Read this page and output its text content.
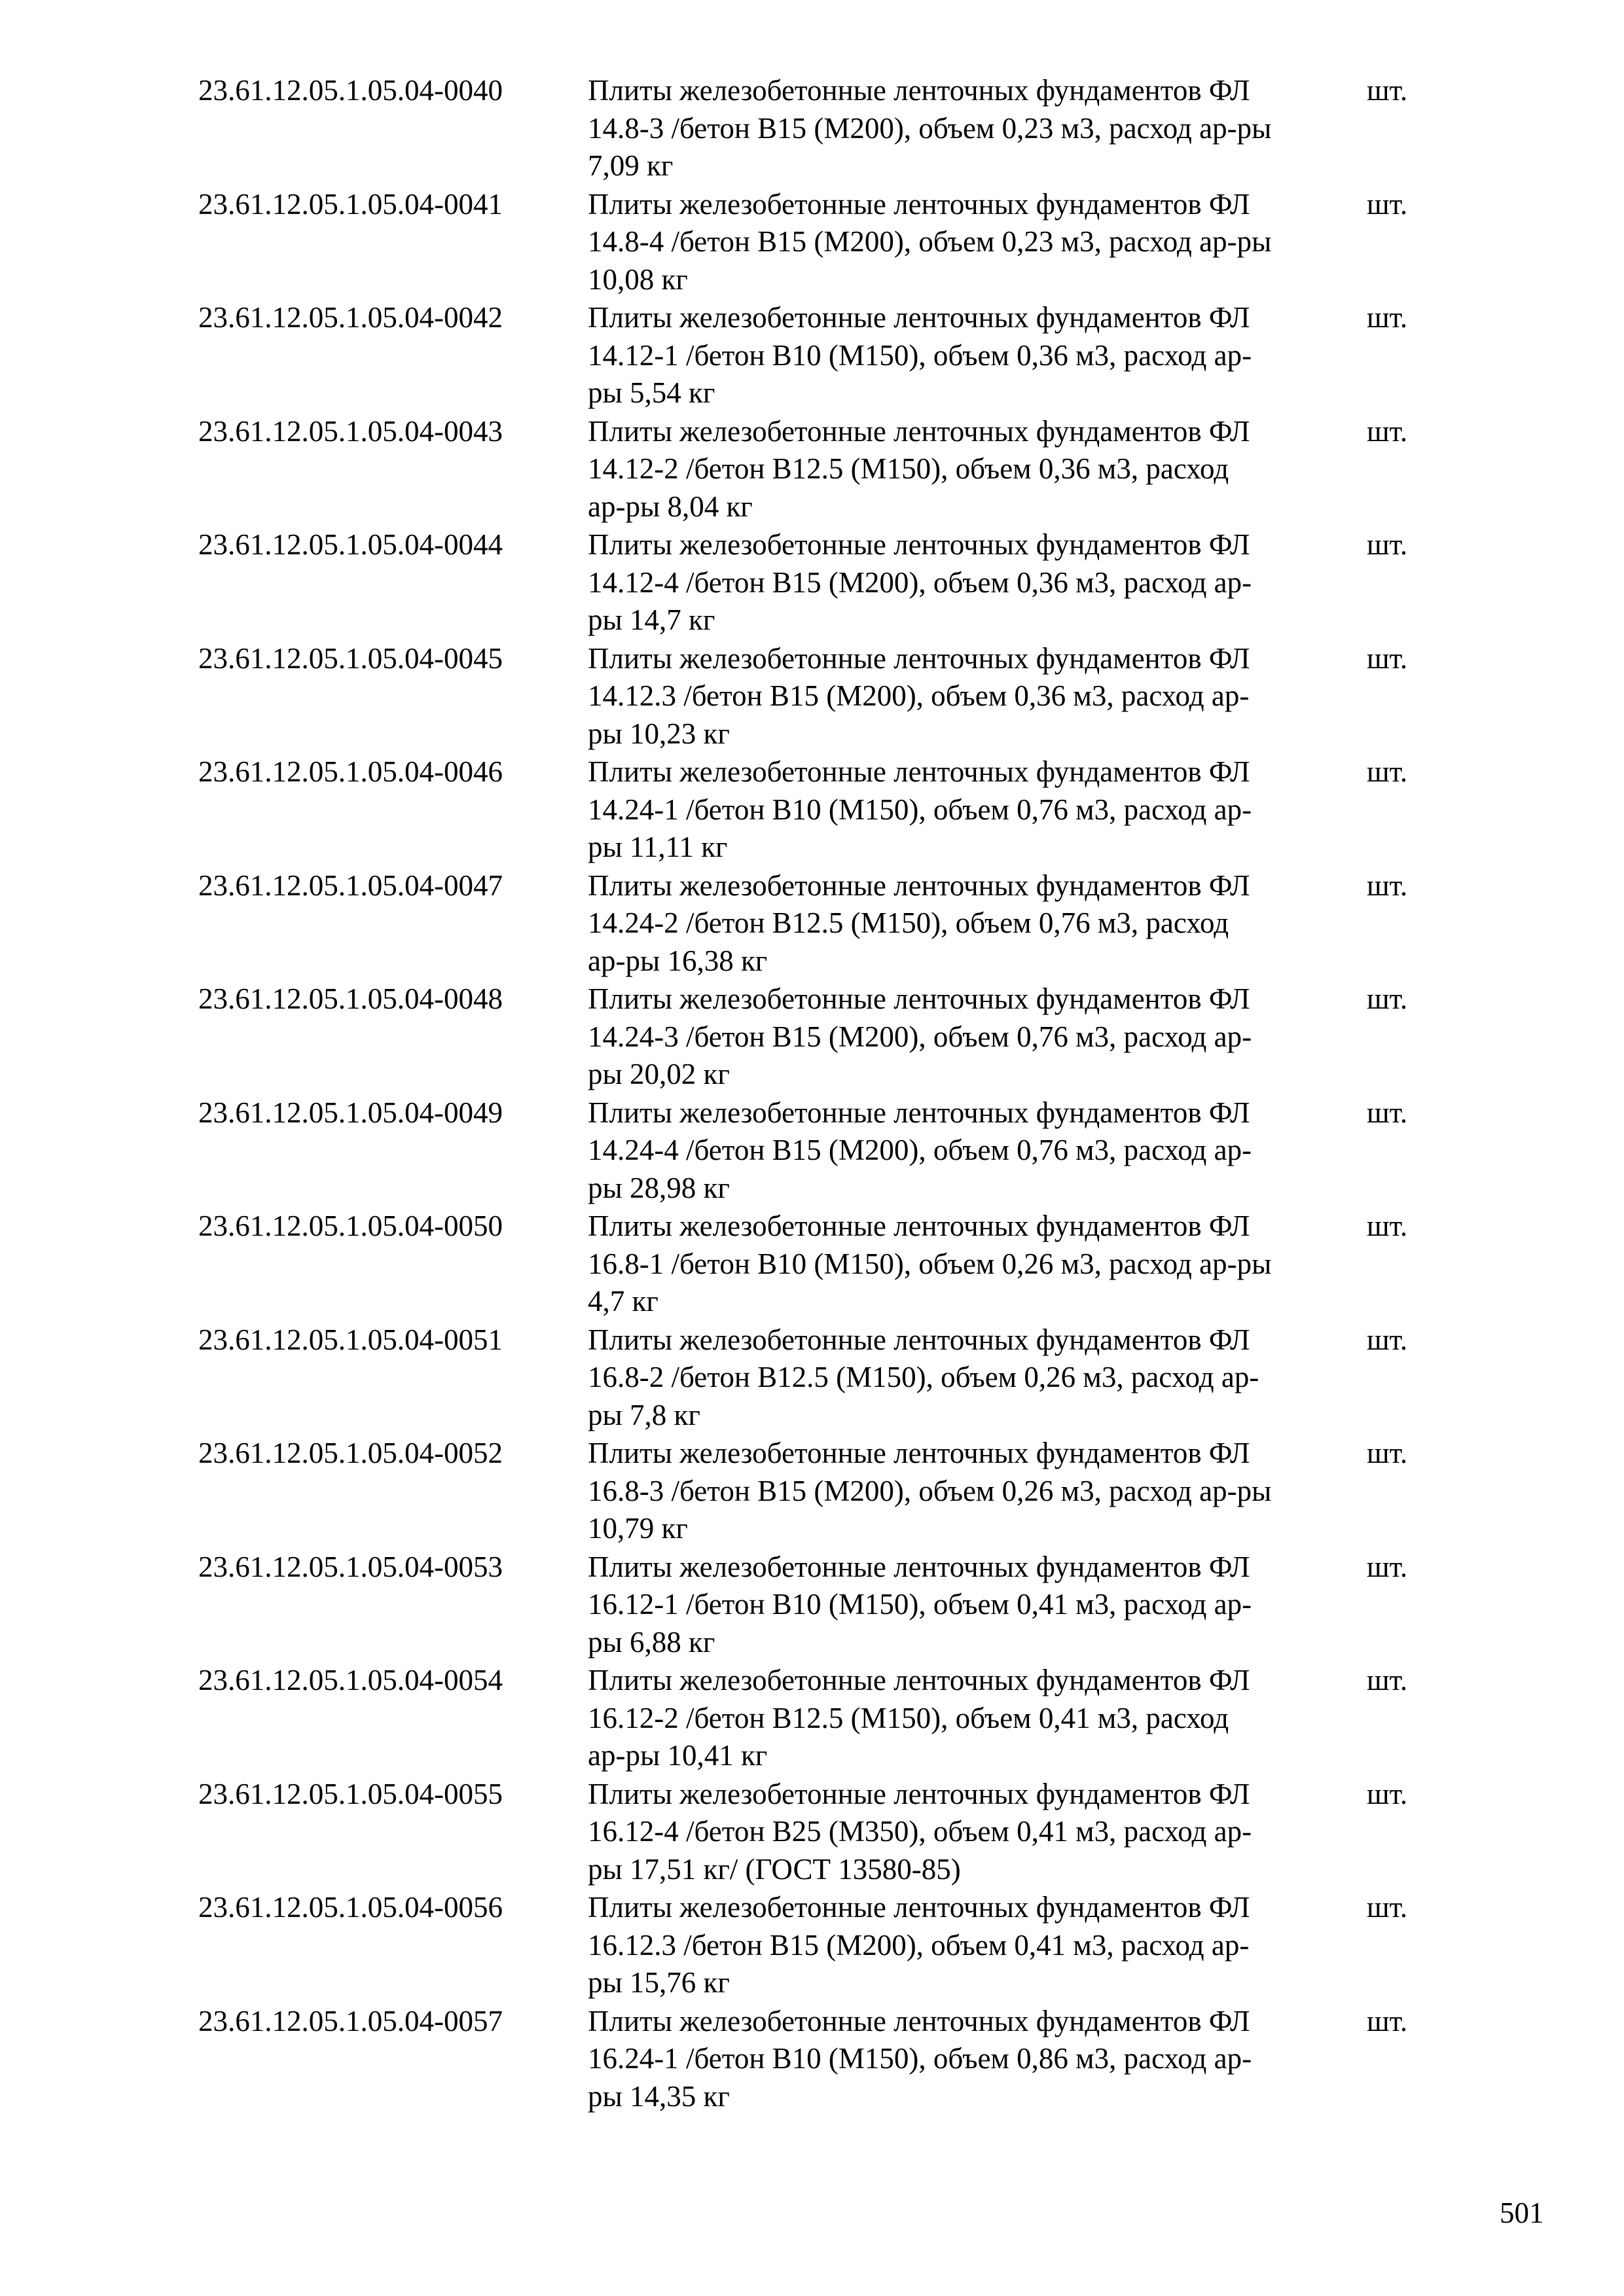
23.61.12.05.1.05.04-0040	Плиты железобетонные ленточных фундаментов ФЛ
14.8-3 /бетон В15 (М200), объем 0,23 м3, расход ар-ры
7,09 кг
шт.
23.61.12.05.1.05.04-0041	Плиты железобетонные ленточных фундаментов ФЛ
14.8-4 /бетон В15 (М200), объем 0,23 м3, расход ар-ры
10,08 кг
шт.
23.61.12.05.1.05.04-0042	Плиты железобетонные ленточных фундаментов ФЛ
14.12-1 /бетон В10 (М150), объем 0,36 м3, расход ар-
ры 5,54 кг
шт.
23.61.12.05.1.05.04-0043	Плиты железобетонные ленточных фундаментов ФЛ
14.12-2 /бетон В12.5 (М150), объем 0,36 м3, расход
ар-ры 8,04 кг
шт.
23.61.12.05.1.05.04-0044	Плиты железобетонные ленточных фундаментов ФЛ
14.12-4 /бетон В15 (М200), объем 0,36 м3, расход ар-
ры 14,7 кг
шт.
23.61.12.05.1.05.04-0045	Плиты железобетонные ленточных фундаментов ФЛ
14.12.3 /бетон В15 (М200), объем 0,36 м3, расход ар-
ры 10,23 кг
шт.
23.61.12.05.1.05.04-0046	Плиты железобетонные ленточных фундаментов ФЛ
14.24-1 /бетон В10 (М150), объем 0,76 м3, расход ар-
ры 11,11 кг
шт.
23.61.12.05.1.05.04-0047	Плиты железобетонные ленточных фундаментов ФЛ
14.24-2 /бетон В12.5 (М150), объем 0,76 м3, расход
ар-ры 16,38 кг
шт.
23.61.12.05.1.05.04-0048	Плиты железобетонные ленточных фундаментов ФЛ
14.24-3 /бетон В15 (М200), объем 0,76 м3, расход ар-
ры 20,02 кг
шт.
23.61.12.05.1.05.04-0049	Плиты железобетонные ленточных фундаментов ФЛ
14.24-4 /бетон В15 (М200), объем 0,76 м3, расход ар-
ры 28,98 кг
шт.
23.61.12.05.1.05.04-0050	Плиты железобетонные ленточных фундаментов ФЛ
16.8-1 /бетон В10 (М150), объем 0,26 м3, расход ар-ры
4,7 кг
шт.
23.61.12.05.1.05.04-0051	Плиты железобетонные ленточных фундаментов ФЛ
16.8-2 /бетон В12.5 (М150), объем 0,26 м3, расход ар-
ры 7,8 кг
шт.
23.61.12.05.1.05.04-0052	Плиты железобетонные ленточных фундаментов ФЛ
16.8-3 /бетон В15 (М200), объем 0,26 м3, расход ар-ры
10,79 кг
шт.
23.61.12.05.1.05.04-0053	Плиты железобетонные ленточных фундаментов ФЛ
16.12-1 /бетон В10 (М150), объем 0,41 м3, расход ар-
ры 6,88 кг
шт.
23.61.12.05.1.05.04-0054	Плиты железобетонные ленточных фундаментов ФЛ
16.12-2 /бетон В12.5 (М150), объем 0,41 м3, расход
ар-ры 10,41 кг
шт.
23.61.12.05.1.05.04-0055	Плиты железобетонные ленточных фундаментов ФЛ
16.12-4 /бетон В25 (М350), объем 0,41 м3, расход ар-
ры 17,51 кг/ (ГОСТ 13580-85)
шт.
23.61.12.05.1.05.04-0056	Плиты железобетонные ленточных фундаментов ФЛ
16.12.3 /бетон В15 (М200), объем 0,41 м3, расход ар-
ры 15,76 кг
шт.
23.61.12.05.1.05.04-0057	Плиты железобетонные ленточных фундаментов ФЛ
16.24-1 /бетон В10 (М150), объем 0,86 м3, расход ар-
ры 14,35 кг
шт.
501
